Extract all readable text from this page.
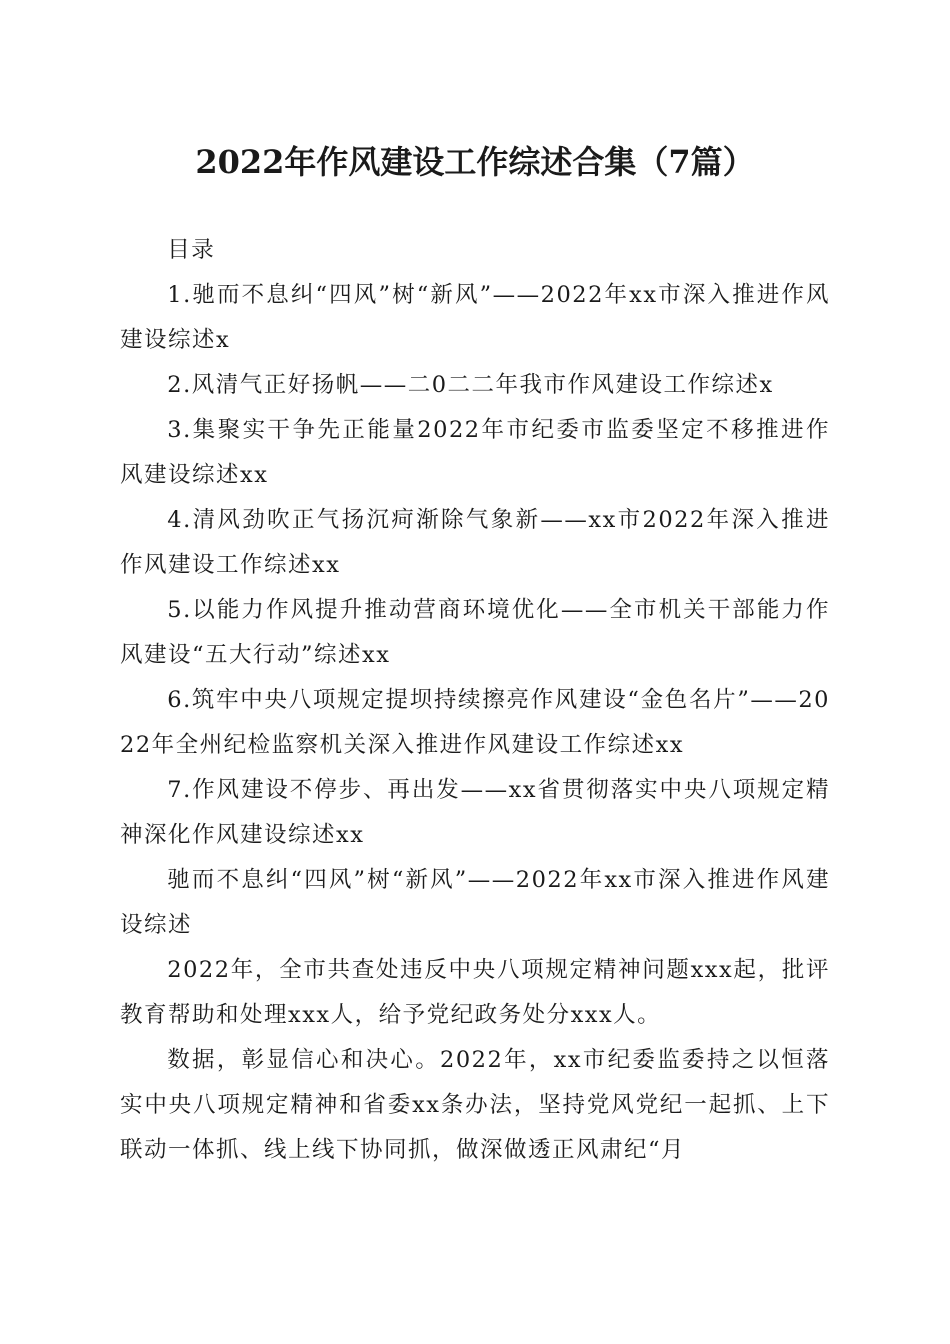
2022年作风建设工作综述合集（7篇）

目录

1.驰而不息纠“四风”树“新风”——2022年xx市深入推进作风建设综述x

2.风清气正好扬帆——二0二二年我市作风建设工作综述x

3.集聚实干争先正能量2022年市纪委市监委坚定不移推进作风建设综述xx

4.清风劲吹正气扬沉疴渐除气象新——xx市2022年深入推进作风建设工作综述xx

5.以能力作风提升推动营商环境优化——全市机关干部能力作风建设“五大行动”综述xx

6.筑牢中央八项规定提坝持续擦亮作风建设“金色名片”——2022年全州纪检监察机关深入推进作风建设工作综述xx

7.作风建设不停步、再出发——xx省贯彻落实中央八项规定精神深化作风建设综述xx

驰而不息纠“四风”树“新风”——2022年xx市深入推进作风建设综述

2022年，全市共查处违反中央八项规定精神问题xxx起，批评教育帮助和处理xxx人，给予党纪政务处分xxx人。

数据，彰显信心和决心。2022年，xx市纪委监委持之以恒落实中央八项规定精神和省委xx条办法，坚持党风党纪一起抓、上下联动一体抓、线上线下协同抓，做深做透正风肃纪“月
